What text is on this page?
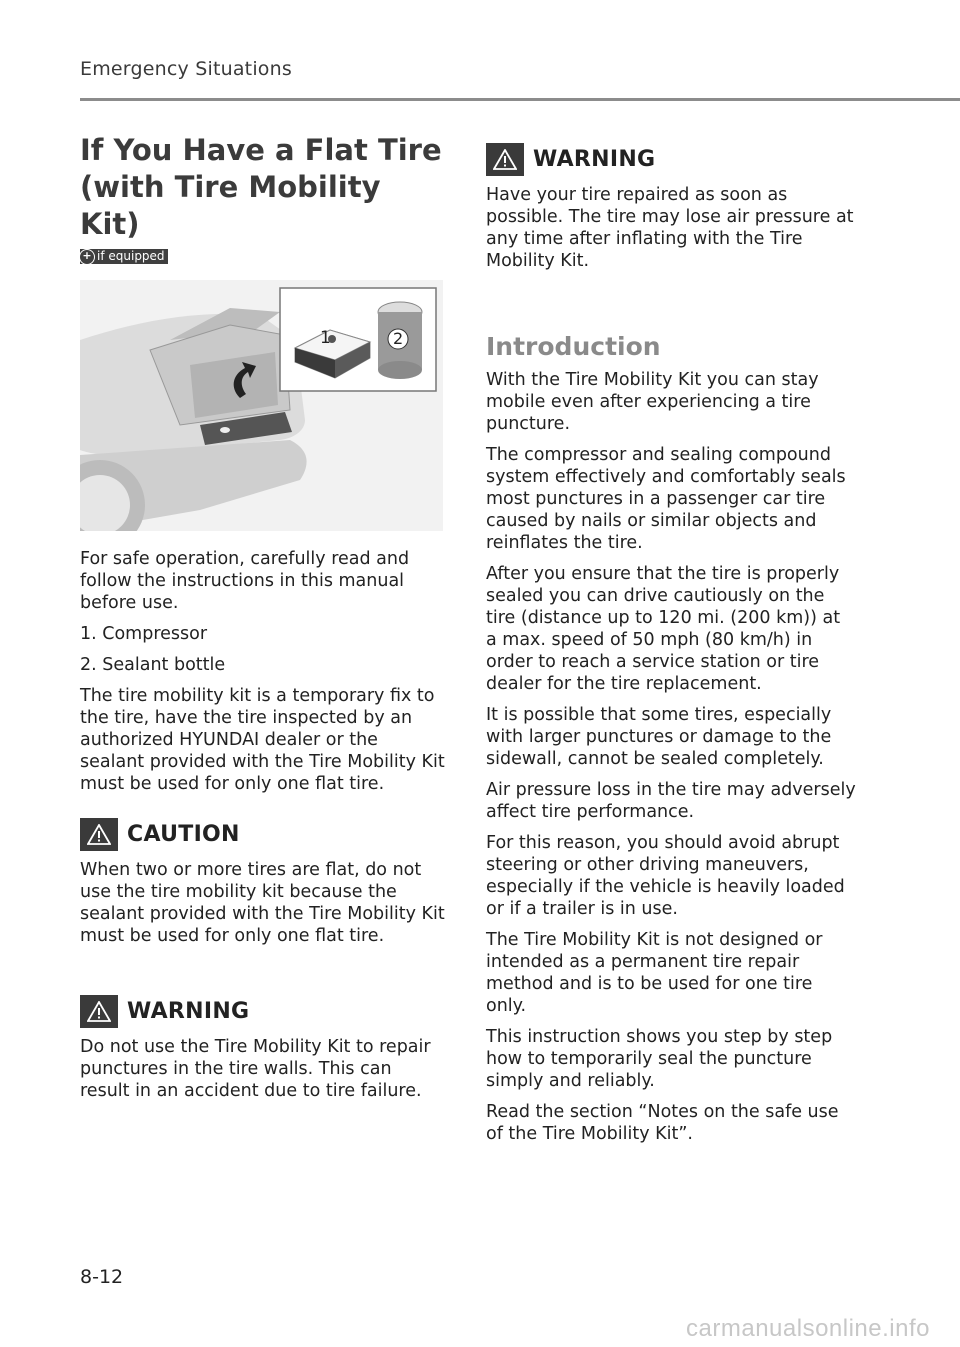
Emergency Situations
If You Have a Flat Tire
(with Tire Mobility Kit)
+ if equipped
1	2

For safe operation, carefully read and follow the instructions in this manual before use.

1. Compressor

2. Sealant bottle

The tire mobility kit is a temporary fix to the tire, have the tire inspected by an authorized HYUNDAI dealer or the sealant provided with the Tire Mobility Kit must be used for only one flat tire.

CAUTION

When two or more tires are flat, do not use the tire mobility kit because the sealant provided with the Tire Mobility Kit must be used for only one flat tire.

WARNING

Do not use the Tire Mobility Kit to repair punctures in the tire walls. This can result in an accident due to tire failure.

WARNING

Have your tire repaired as soon as possible. The tire may lose air pressure at any time after inflating with the Tire Mobility Kit.

Introduction

With the Tire Mobility Kit you can stay mobile even after experiencing a tire puncture.

The compressor and sealing compound system effectively and comfortably seals most punctures in a passenger car tire caused by nails or similar objects and reinflates the tire.

After you ensure that the tire is properly sealed you can drive cautiously on the tire (distance up to 120 mi. (200 km)) at a max. speed of 50 mph (80 km/h) in order to reach a service station or tire dealer for the tire replacement.

It is possible that some tires, especially with larger punctures or damage to the sidewall, cannot be sealed completely.

Air pressure loss in the tire may adversely affect tire performance.

For this reason, you should avoid abrupt steering or other driving maneuvers, especially if the vehicle is heavily loaded or if a trailer is in use.

The Tire Mobility Kit is not designed or intended as a permanent tire repair method and is to be used for one tire only.

This instruction shows you step by step how to temporarily seal the puncture simply and reliably.

Read the section “Notes on the safe use of the Tire Mobility Kit”.

8-12
carmanualsonline.info
